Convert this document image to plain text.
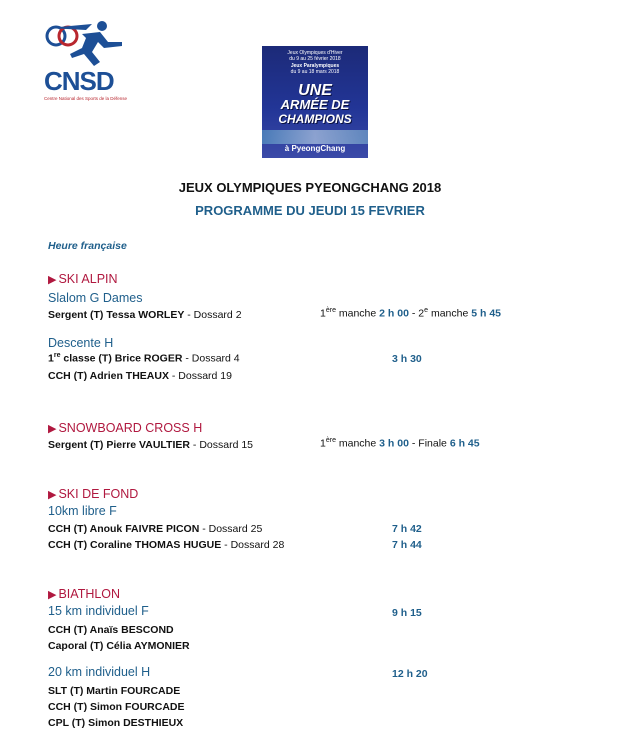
CNSD
Centre National des Sports de la Défense
Jeux Olympiques d'Hiver
du 9 au 25 février 2018
Jeux Paralympiques
du 9 au 18 mars 2018
UNE
ARMÉE DE
CHAMPIONS
à PyeongChang
JEUX OLYMPIQUES PYEONGCHANG 2018
PROGRAMME DU JEUDI 15 FEVRIER
Heure française
▶ SKI ALPIN
Slalom G Dames
Sergent (T) Tessa WORLEY - Dossard 2	1ère manche 2 h 00 - 2e manche 5 h 45
Descente H
1re classe (T) Brice ROGER - Dossard 4	3 h 30
CCH (T) Adrien THEAUX - Dossard 19
▶ SNOWBOARD CROSS H
Sergent (T) Pierre VAULTIER - Dossard 15	1ère manche 3 h 00 - Finale 6 h 45
▶ SKI DE FOND
10km libre F
CCH (T) Anouk FAIVRE PICON - Dossard 25	7 h 42
CCH (T) Coraline THOMAS HUGUE - Dossard 28	7 h 44
▶ BIATHLON
15 km individuel F	9 h 15
CCH (T) Anaïs BESCOND
Caporal (T) Célia AYMONIER
20 km individuel H	12 h 20
SLT (T) Martin FOURCADE
CCH (T) Simon FOURCADE
CPL (T) Simon DESTHIEUX
